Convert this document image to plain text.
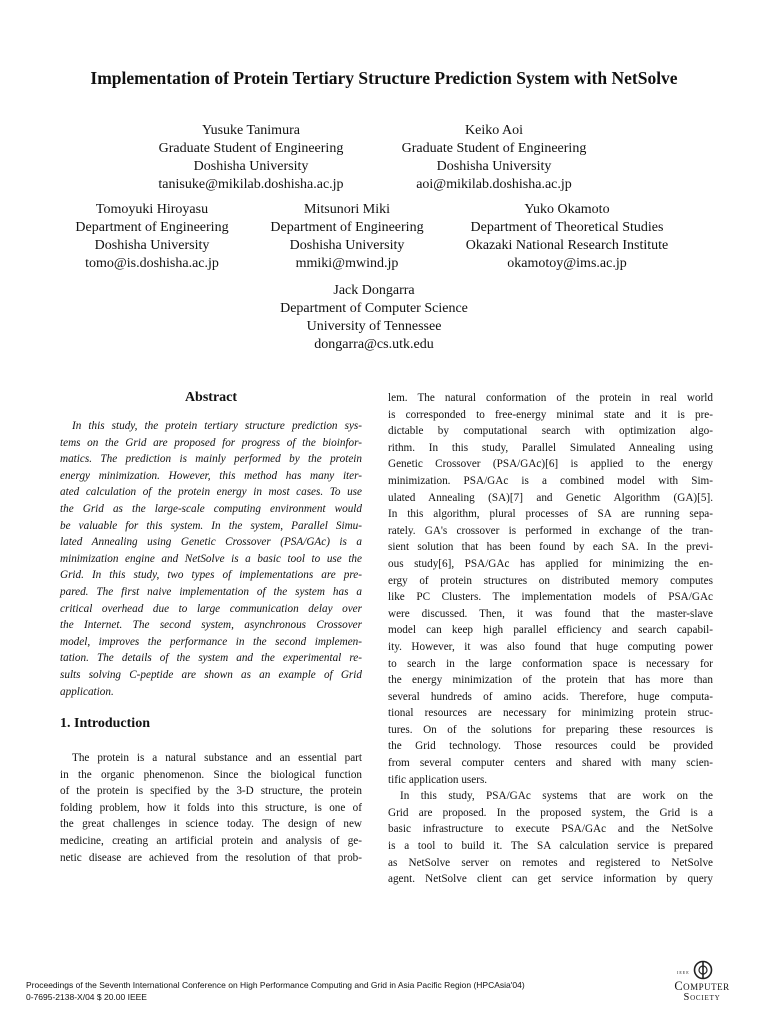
Implementation of Protein Tertiary Structure Prediction System with NetSolve
Yusuke Tanimura
Graduate Student of Engineering
Doshisha University
tanisuke@mikilab.doshisha.ac.jp
Keiko Aoi
Graduate Student of Engineering
Doshisha University
aoi@mikilab.doshisha.ac.jp
Tomoyuki Hiroyasu
Department of Engineering
Doshisha University
tomo@is.doshisha.ac.jp
Mitsunori Miki
Department of Engineering
Doshisha University
mmiki@mwind.jp
Yuko Okamoto
Department of Theoretical Studies
Okazaki National Research Institute
okamotoy@ims.ac.jp
Jack Dongarra
Department of Computer Science
University of Tennessee
dongarra@cs.utk.edu
Abstract
In this study, the protein tertiary structure prediction sys-
tems on the Grid are proposed for progress of the bioinfor-
matics. The prediction is mainly performed by the protein
energy minimization. However, this method has many iter-
ated calculation of the protein energy in most cases. To use
the Grid as the large-scale computing environment would
be valuable for this system. In the system, Parallel Simu-
lated Annealing using Genetic Crossover (PSA/GAc) is a
minimization engine and NetSolve is a basic tool to use the
Grid. In this study, two types of implementations are pre-
pared. The first naive implementation of the system has a
critical overhead due to large communication delay over
the Internet. The second system, asynchronous Crossover
model, improves the performance in the second implemen-
tation. The details of the system and the experimental re-
sults solving C-peptide are shown as an example of Grid
application.
1. Introduction
The protein is a natural substance and an essential part
in the organic phenomenon. Since the biological function
of the protein is specified by the 3-D structure, the protein
folding problem, how it folds into this structure, is one of
the great challenges in science today. The design of new
medicine, creating an artificial protein and analysis of ge-
netic disease are achieved from the resolution of that prob-
lem. The natural conformation of the protein in real world
is corresponded to free-energy minimal state and it is pre-
dictable by computational search with optimization algo-
rithm. In this study, Parallel Simulated Annealing using
Genetic Crossover (PSA/GAc)[6] is applied to the energy
minimization. PSA/GAc is a combined model with Sim-
ulated Annealing (SA)[7] and Genetic Algorithm (GA)[5].
In this algorithm, plural processes of SA are running sepa-
rately. GA's crossover is performed in exchange of the tran-
sient solution that has been found by each SA. In the previ-
ous study[6], PSA/GAc has applied for minimizing the en-
ergy of protein structures on distributed memory computes
like PC Clusters. The implementation models of PSA/GAc
were discussed. Then, it was found that the master-slave
model can keep high parallel efficiency and search capabil-
ity. However, it was also found that huge computing power
to search in the large conformation space is necessary for
the energy minimization of the protein that has more than
several hundreds of amino acids. Therefore, huge computa-
tional resources are necessary for minimizing protein struc-
tures. On of the solutions for preparing these resources is
the Grid technology. Those resources could be provided
from several computer centers and shared with many scien-
tific application users.
In this study, PSA/GAc systems that are work on the
Grid are proposed. In the proposed system, the Grid is a
basic infrastructure to execute PSA/GAc and the NetSolve
is a tool to build it. The SA calculation service is prepared
as NetSolve server on remotes and registered to NetSolve
agent. NetSolve client can get service information by query
Proceedings of the Seventh International Conference on High Performance Computing and Grid in Asia Pacific Region (HPCAsia'04)
0-7695-2138-X/04 $ 20.00 IEEE
IEEE
Computer
Society
